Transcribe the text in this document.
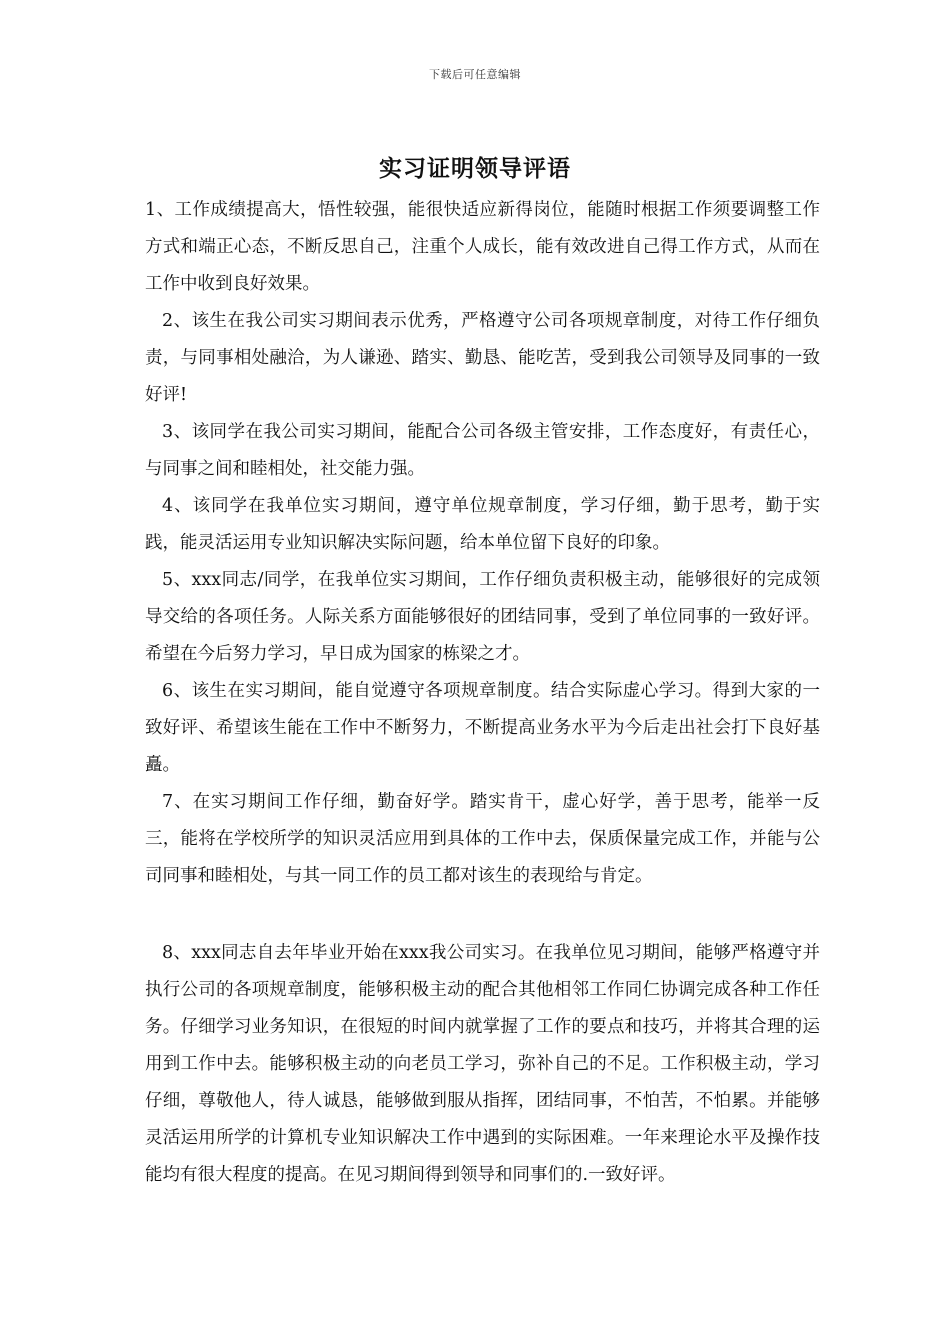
下载后可任意编辑
实习证明领导评语

1、工作成绩提高大，悟性较强，能很快适应新得岗位，能随时根据工作须要调整工作方式和端正心态，不断反思自己，注重个人成长，能有效改进自己得工作方式，从而在工作中收到良好效果。

2、该生在我公司实习期间表示优秀，严格遵守公司各项规章制度，对待工作仔细负责，与同事相处融洽，为人谦逊、踏实、勤恳、能吃苦，受到我公司领导及同事的一致好评!

3、该同学在我公司实习期间，能配合公司各级主管安排，工作态度好，有责任心，与同事之间和睦相处，社交能力强。

4、该同学在我单位实习期间，遵守单位规章制度，学习仔细，勤于思考，勤于实践，能灵活运用专业知识解决实际问题，给本单位留下良好的印象。

5、xxx同志/同学，在我单位实习期间，工作仔细负责积极主动，能够很好的完成领导交给的各项任务。人际关系方面能够很好的团结同事，受到了单位同事的一致好评。希望在今后努力学习，早日成为国家的栋梁之才。

6、该生在实习期间，能自觉遵守各项规章制度。结合实际虚心学习。得到大家的一致好评、希望该生能在工作中不断努力，不断提高业务水平为今后走出社会打下良好基矗。

7、在实习期间工作仔细，勤奋好学。踏实肯干，虚心好学，善于思考，能举一反三，能将在学校所学的知识灵活应用到具体的工作中去，保质保量完成工作，并能与公司同事和睦相处，与其一同工作的员工都对该生的表现给与肯定。

8、xxx同志自去年毕业开始在xxx我公司实习。在我单位见习期间，能够严格遵守并执行公司的各项规章制度，能够积极主动的配合其他相邻工作同仁协调完成各种工作任务。仔细学习业务知识，在很短的时间内就掌握了工作的要点和技巧，并将其合理的运用到工作中去。能够积极主动的向老员工学习，弥补自己的不足。工作积极主动，学习仔细，尊敬他人，待人诚恳，能够做到服从指挥，团结同事，不怕苦，不怕累。并能够灵活运用所学的计算机专业知识解决工作中遇到的实际困难。一年来理论水平及操作技能均有很大程度的提高。在见习期间得到领导和同事们的.一致好评。
